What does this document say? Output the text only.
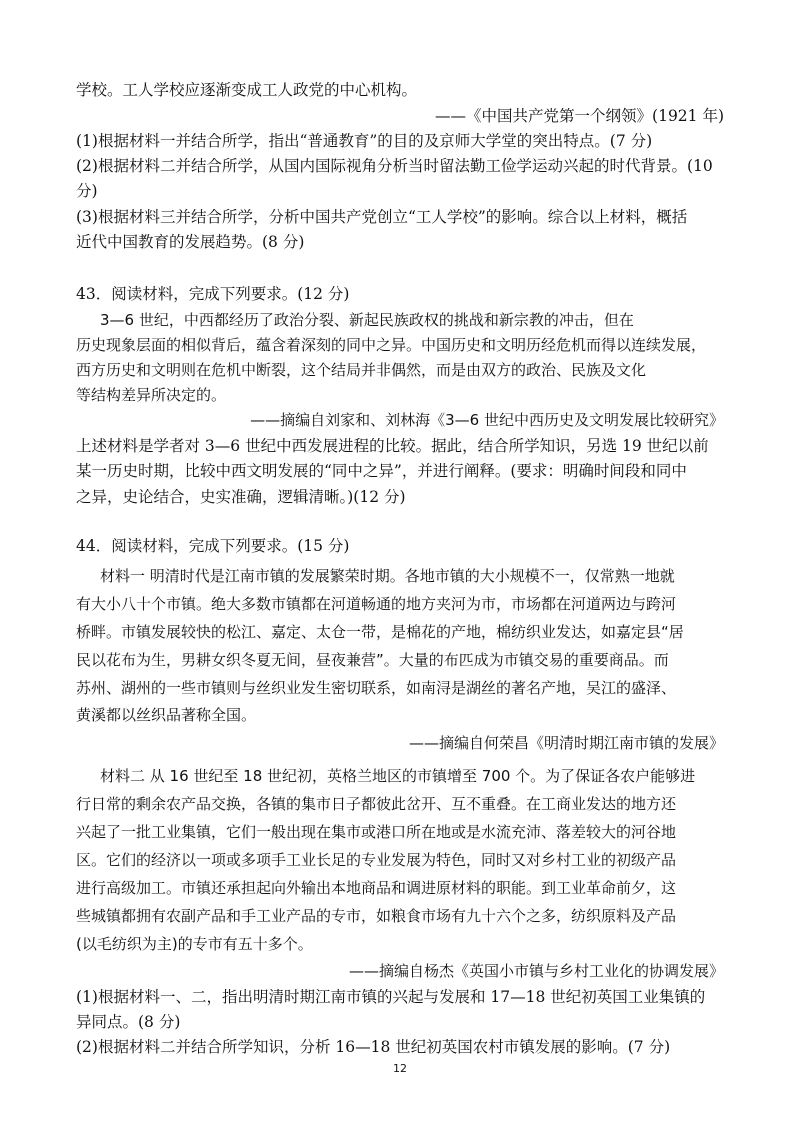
学校。工人学校应逐渐变成工人政党的中心机构。
——《中国共产党第一个纲领》(1921 年)
(1)根据材料一并结合所学，指出“普通教育”的目的及京师大学堂的突出特点。(7 分)
(2)根据材料二并结合所学，从国内国际视角分析当时留法勤工俭学运动兴起的时代背景。(10
分)
(3)根据材料三并结合所学，分析中国共产党创立“工人学校”的影响。综合以上材料，概括
近代中国教育的发展趋势。(8 分)
43．阅读材料，完成下列要求。(12 分)
3—6 世纪，中西都经历了政治分裂、新起民族政权的挑战和新宗教的冲击，但在
历史现象层面的相似背后，蕴含着深刻的同中之异。中国历史和文明历经危机而得以连续发展，
西方历史和文明则在危机中断裂，这个结局并非偶然，而是由双方的政治、民族及文化
等结构差异所决定的。
——摘编自刘家和、刘林海《3—6 世纪中西历史及文明发展比较研究》
上述材料是学者对 3—6 世纪中西发展进程的比较。据此，结合所学知识，另选 19 世纪以前
某一历史时期，比较中西文明发展的“同中之异”，并进行阐释。(要求：明确时间段和同中
之异，史论结合，史实准确，逻辑清晰。)(12 分)
44．阅读材料，完成下列要求。(15 分)
材料一 明清时代是江南市镇的发展繁荣时期。各地市镇的大小规模不一，仅常熟一地就
有大小八十个市镇。绝大多数市镇都在河道畅通的地方夹河为市，市场都在河道两边与跨河
桥畔。市镇发展较快的松江、嘉定、太仓一带，是棉花的产地，棉纺织业发达，如嘉定县“居
民以花布为生，男耕女织冬夏无间，昼夜兼营”。大量的布匹成为市镇交易的重要商品。而
苏州、湖州的一些市镇则与丝织业发生密切联系，如南浔是湖丝的著名产地，吴江的盛泽、
黄溪都以丝织品著称全国。
——摘编自何荣昌《明清时期江南市镇的发展》
材料二 从 16 世纪至 18 世纪初，英格兰地区的市镇增至 700 个。为了保证各农户能够进
行日常的剩余农产品交换，各镇的集市日子都彼此岔开、互不重叠。在工商业发达的地方还
兴起了一批工业集镇，它们一般出现在集市或港口所在地或是水流充沛、落差较大的河谷地
区。它们的经济以一项或多项手工业长足的专业发展为特色，同时又对乡村工业的初级产品
进行高级加工。市镇还承担起向外输出本地商品和调进原材料的职能。到工业革命前夕，这
些城镇都拥有农副产品和手工业产品的专市，如粮食市场有九十六个之多，纺织原料及产品
(以毛纺织为主)的专市有五十多个。
——摘编自杨杰《英国小市镇与乡村工业化的协调发展》
(1)根据材料一、二，指出明清时期江南市镇的兴起与发展和 17—18 世纪初英国工业集镇的
异同点。(8 分)
(2)根据材料二并结合所学知识，分析 16—18 世纪初英国农村市镇发展的影响。(7 分)
12
